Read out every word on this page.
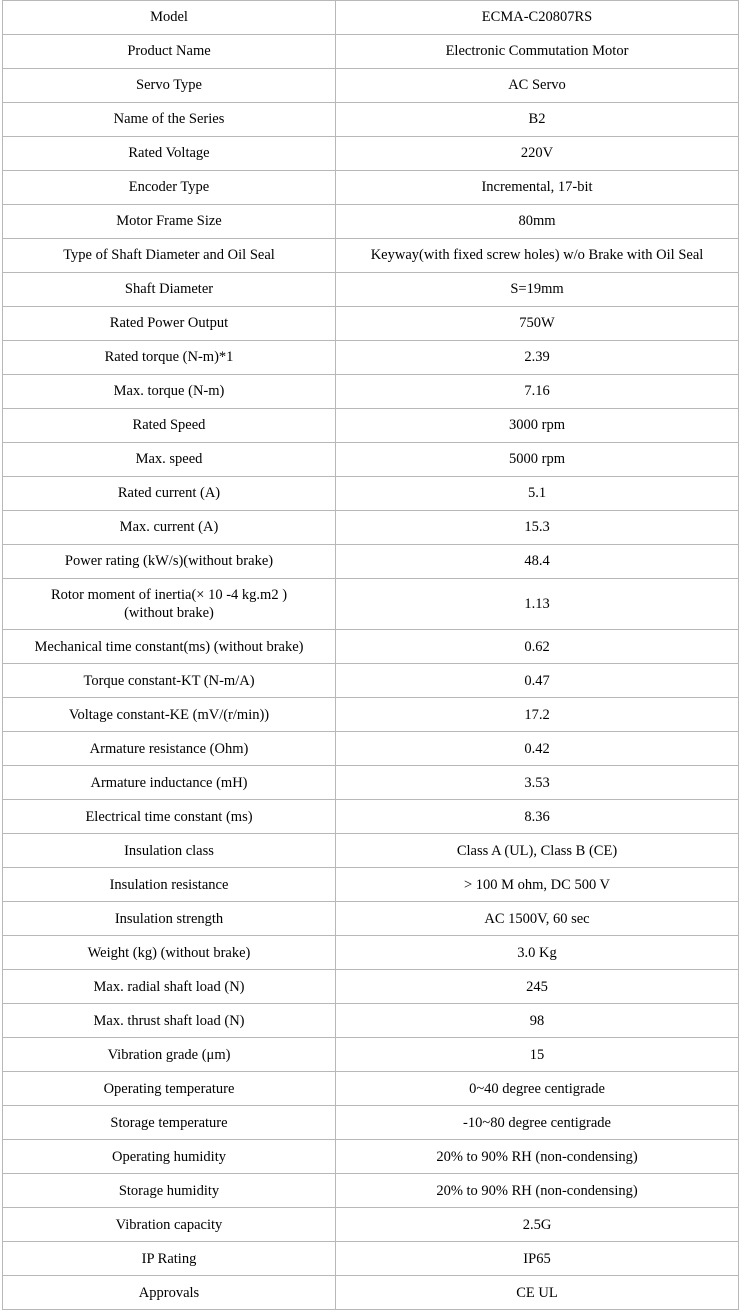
Model	ECMA-C20807RS
Product Name	Electronic Commutation Motor
Servo Type	AC Servo
Name of the Series	B2
Rated Voltage	220V
Encoder Type	Incremental, 17-bit
Motor Frame Size	80mm
Type of Shaft Diameter and Oil Seal	Keyway(with fixed screw holes) w/o Brake with Oil Seal
Shaft Diameter	S=19mm
Rated Power Output	750W
Rated torque (N-m)*1	2.39
Max. torque (N-m)	7.16
Rated Speed	3000 rpm
Max. speed	5000 rpm
Rated current (A)	5.1
Max. current (A)	15.3
Power rating (kW/s)(without brake)	48.4
Rotor moment of inertia(× 10 -4 kg.m2 )
(without brake)	1.13
Mechanical time constant(ms) (without brake)	0.62
Torque constant-KT (N-m/A)	0.47
Voltage constant-KE (mV/(r/min))	17.2
Armature resistance (Ohm)	0.42
Armature inductance (mH)	3.53
Electrical time constant (ms)	8.36
Insulation class	Class A (UL), Class B (CE)
Insulation resistance	> 100 M ohm, DC 500 V
Insulation strength	AC 1500V, 60 sec
Weight (kg) (without brake)	3.0 Kg
Max. radial shaft load (N)	245
Max. thrust shaft load (N)	98
Vibration grade (μm)	15
Operating temperature	0~40 degree centigrade
Storage temperature	-10~80 degree centigrade
Operating humidity	20% to 90% RH (non-condensing)
Storage humidity	20% to 90% RH (non-condensing)
Vibration capacity	2.5G
IP Rating	IP65
Approvals	CE UL
